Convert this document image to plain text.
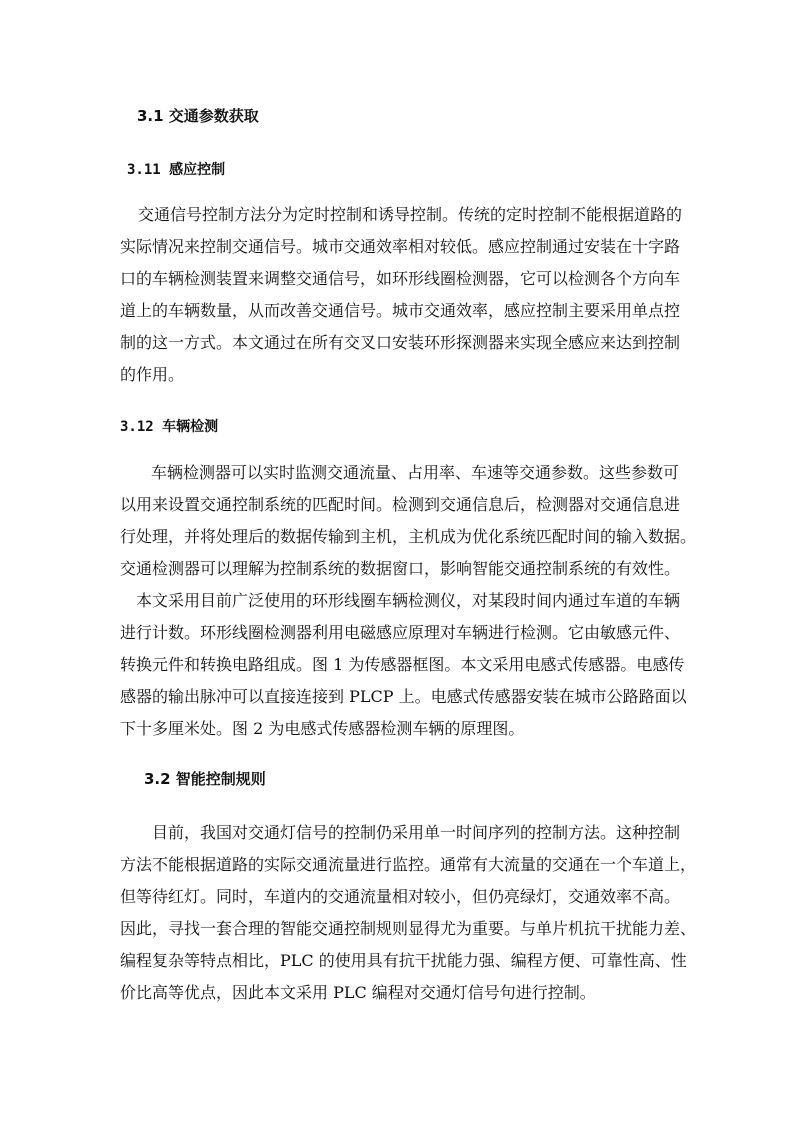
3.1 交通参数获取
3.11 感应控制

交通信号控制方法分为定时控制和诱导控制。传统的定时控制不能根据道路的

实际情况来控制交通信号。城市交通效率相对较低。感应控制通过安装在十字路

口的车辆检测装置来调整交通信号，如环形线圈检测器，它可以检测各个方向车

道上的车辆数量，从而改善交通信号。城市交通效率，感应控制主要采用单点控

制的这一方式。本文通过在所有交叉口安装环形探测器来实现全感应来达到控制

的作用。

3.12 车辆检测

车辆检测器可以实时监测交通流量、占用率、车速等交通参数。这些参数可

以用来设置交通控制系统的匹配时间。检测到交通信息后，检测器对交通信息进

行处理，并将处理后的数据传输到主机，主机成为优化系统匹配时间的输入数据。

交通检测器可以理解为控制系统的数据窗口，影响智能交通控制系统的有效性。

本文采用目前广泛使用的环形线圈车辆检测仪，对某段时间内通过车道的车辆

进行计数。环形线圈检测器利用电磁感应原理对车辆进行检测。它由敏感元件、

转换元件和转换电路组成。图 1 为传感器框图。本文采用电感式传感器。电感传

感器的输出脉冲可以直接连接到 PLCP 上。电感式传感器安装在城市公路路面以

下十多厘米处。图 2 为电感式传感器检测车辆的原理图。

3.2 智能控制规则

目前，我国对交通灯信号的控制仍采用单一时间序列的控制方法。这种控制

方法不能根据道路的实际交通流量进行监控。通常有大流量的交通在一个车道上，

但等待红灯。同时，车道内的交通流量相对较小，但仍亮绿灯，交通效率不高。

因此，寻找一套合理的智能交通控制规则显得尤为重要。与单片机抗干扰能力差、

编程复杂等特点相比，PLC 的使用具有抗干扰能力强、编程方便、可靠性高、性

价比高等优点，因此本文采用 PLC 编程对交通灯信号句进行控制。
